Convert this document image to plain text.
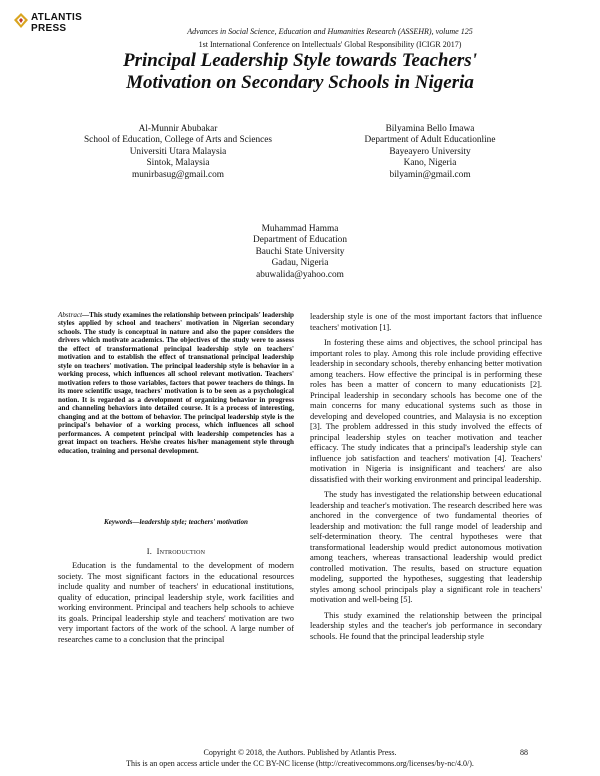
ATLANTIS
PRESS	Advances in Social Science, Education and Humanities Research (ASSEHR), volume 125
1st International Conference on Intellectuals' Global Responsibility (ICIGR 2017)
Principal Leadership Style towards Teachers'
Motivation on Secondary Schools in Nigeria
Al-Munnir Abubakar
School of Education, College of Arts and Sciences
Universiti Utara Malaysia
Sintok, Malaysia
munirbasug@gmail.com
Bilyamina Bello Imawa
Department of Adult Educationline
Bayeayero University
Kano, Nigeria
bilyamin@gmail.com
Muhammad Hamma
Department of Education
Bauchi State University
Gadau, Nigeria
abuwalida@yahoo.com
Abstract—This study examines the relationship between principals' leadership styles applied by school and teachers' motivation in Nigerian secondary schools. The study is conceptual in nature and also the paper considers the drivers which motivate academics. The objectives of the study were to assess the effect of transformational principal leadership style on teachers' motivation and to establish the effect of transnational principal leadership style on teachers' motivation. The principal leadership style is behavior in a working process, which influences all school relevant motivation. Teachers' motivation refers to those variables, factors that power teachers do things. In its more scientific usage, teachers' motivation is to be seen as a psychological notion. It is regarded as a development of organizing behavior in progress and channeling behaviors into detailed course. It is a process of interesting, changing and at the bottom of behavior. The principal leadership style is the principal's behavior of a working process, which influences all school performances. A competent principal with leadership competencies has a great impact on teachers. He/she creates his/her management style through education, training and personal development.
Keywords—leadership style; teachers' motivation
I. Introduction

Education is the fundamental to the development of modern society. The most significant factors in the educational resources include quality and number of teachers' in educational institutions, quality of education, principal leadership style, work facilities and working environment. Principal and teachers help schools to achieve its goals. Principal leadership style and teachers' motivation are two very important factors of the work of the school. A large number of researches came to a conclusion that the principal

leadership style is one of the most important factors that influence teachers' motivation [1].

In fostering these aims and objectives, the school principal has important roles to play. Among this role include providing effective leadership in secondary schools, thereby enhancing better motivation among teachers. How effective the principal is in performing these roles has been a matter of concern to many educationists [2]. Principal leadership in secondary schools has become one of the main concerns for many educational systems such as those in developing and developed countries, and Malaysia is no exception [3]. The problem addressed in this study involved the effects of principal leadership styles on teacher motivation and teacher efficacy. The study indicates that a principal's leadership style can influence job satisfaction and teachers' motivation [4]. Teachers' motivation in Nigeria is insignificant and teachers' are also dissatisfied with their working environment and principal leadership.

The study has investigated the relationship between educational leadership and teacher's motivation. The research described here was anchored in the convergence of two fundamental theories of leadership and motivation: the full range model of leadership and self-determination theory. The central hypotheses were that transformational leadership would predict autonomous motivation among teachers, whereas transactional leadership would predict controlled motivation. The results, based on structure equation modeling, supported the hypotheses, suggesting that leadership styles among school principals play a significant role in teachers' motivation and well-being [5].

This study examined the relationship between the principal leadership styles and the teacher's job performance in secondary schools. He found that the principal leadership style

Copyright © 2018, the Authors. Published by Atlantis Press.
This is an open access article under the CC BY-NC license (http://creativecommons.org/licenses/by-nc/4.0/).
88
